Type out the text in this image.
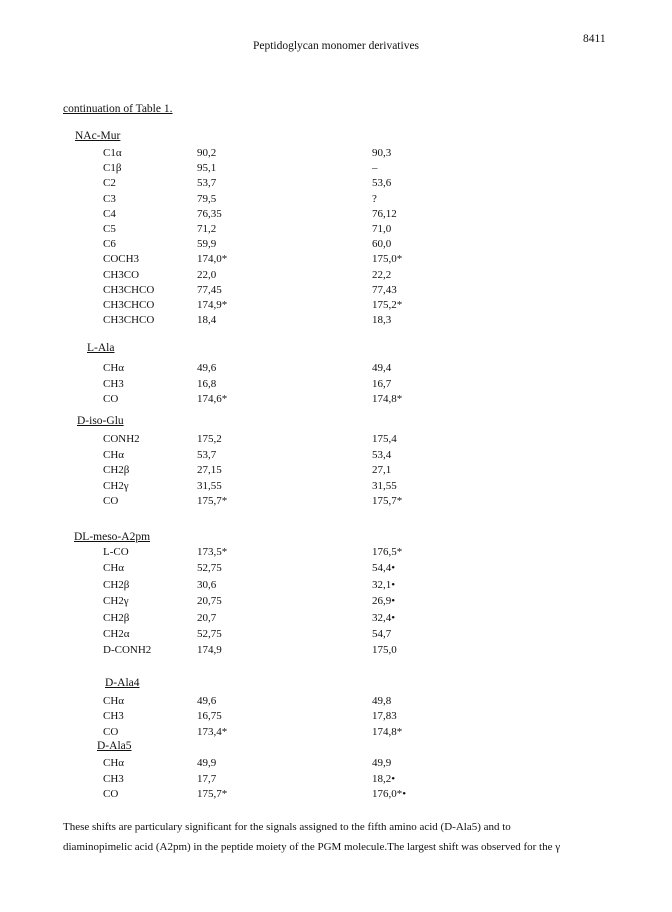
Peptidoglycan monomer derivatives
8411
continuation of Table 1.
NAc-Mur
C1α	90,2	90,3
C1β	95,1	–
C2	53,7	53,6
C3	79,5	?
C4	76,35	76,12
C5	71,2	71,0
C6	59,9	60,0
COCH3	174,0*	175,0*
CH3CO	22,0	22,2
CH3CHCO	77,45	77,43
CH3CHCO	174,9*	175,2*
CH3CHCO	18,4	18,3
L-Ala
CHα	49,6	49,4
CH3	16,8	16,7
CO	174,6*	174,8*
D-iso-Glu
CONH2	175,2	175,4
CHα	53,7	53,4
CH2β	27,15	27,1
CH2γ	31,55	31,55
CO	175,7*	175,7*
DL-meso-A2pm
L-CO	173,5*	176,5*
CHα	52,75	54,4•
CH2β	30,6	32,1•
CH2γ	20,75	26,9•
CH2β	20,7	32,4•
CH2α	52,75	54,7
D-CONH2	174,9	175,0
D-Ala4
CHα	49,6	49,8
CH3	16,75	17,83
CO	173,4*	174,8*
D-Ala5
CHα	49,9	49,9
CH3	17,7	18,2•
CO	175,7*	176,0*•
These shifts are particulary significant for the signals assigned to the fifth amino acid (D-Ala5) and to
diaminopimelic acid (A2pm) in the peptide moiety of the PGM molecule.The largest shift was observed for the γ
